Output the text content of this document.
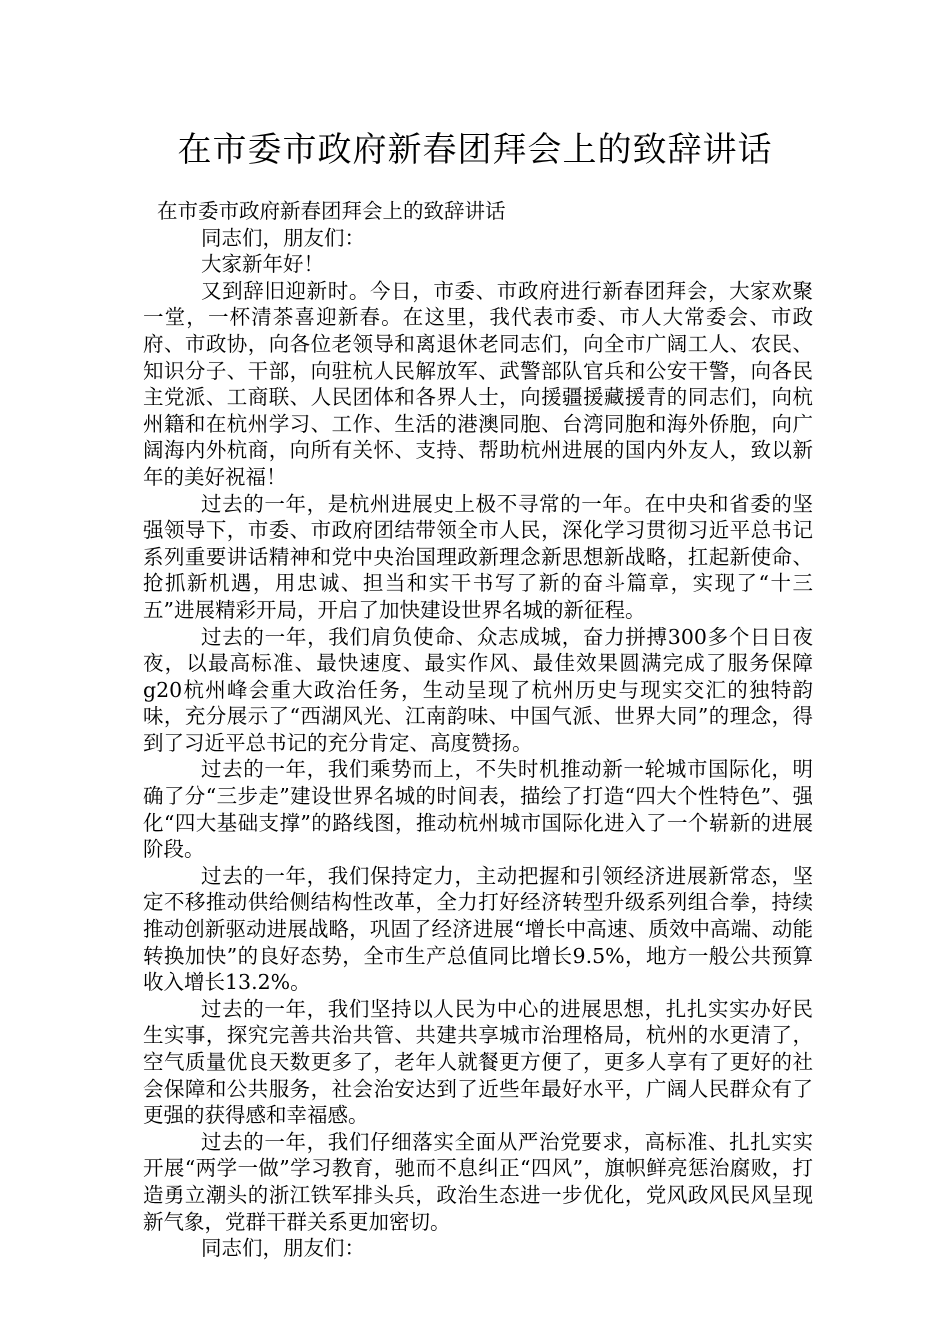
在市委市政府新春团拜会上的致辞讲话

在市委市政府新春团拜会上的致辞讲话

同志们，朋友们：

大家新年好！

又到辞旧迎新时。今日，市委、市政府进行新春团拜会，大家欢聚一堂，一杯清茶喜迎新春。在这里，我代表市委、市人大常委会、市政府、市政协，向各位老领导和离退休老同志们，向全市广阔工人、农民、知识分子、干部，向驻杭人民解放军、武警部队官兵和公安干警，向各民主党派、工商联、人民团体和各界人士，向援疆援藏援青的同志们，向杭州籍和在杭州学习、工作、生活的港澳同胞、台湾同胞和海外侨胞，向广阔海内外杭商，向所有关怀、支持、帮助杭州进展的国内外友人，致以新年的美好祝福！

过去的一年，是杭州进展史上极不寻常的一年。在中央和省委的坚强领导下，市委、市政府团结带领全市人民，深化学习贯彻习近平总书记系列重要讲话精神和党中央治国理政新理念新思想新战略，扛起新使命、抢抓新机遇，用忠诚、担当和实干书写了新的奋斗篇章，实现了“十三五”进展精彩开局，开启了加快建设世界名城的新征程。

过去的一年，我们肩负使命、众志成城，奋力拼搏300多个日日夜夜，以最高标准、最快速度、最实作风、最佳效果圆满完成了服务保障g20杭州峰会重大政治任务，生动呈现了杭州历史与现实交汇的独特韵味，充分展示了“西湖风光、江南韵味、中国气派、世界大同”的理念，得到了习近平总书记的充分肯定、高度赞扬。

过去的一年，我们乘势而上，不失时机推动新一轮城市国际化，明确了分“三步走”建设世界名城的时间表，描绘了打造“四大个性特色”、强化“四大基础支撑”的路线图，推动杭州城市国际化进入了一个崭新的进展阶段。

过去的一年，我们保持定力，主动把握和引领经济进展新常态，坚定不移推动供给侧结构性改革，全力打好经济转型升级系列组合拳，持续推动创新驱动进展战略，巩固了经济进展“增长中高速、质效中高端、动能转换加快”的良好态势，全市生产总值同比增长9.5%，地方一般公共预算收入增长13.2%。

过去的一年，我们坚持以人民为中心的进展思想，扎扎实实办好民生实事，探究完善共治共管、共建共享城市治理格局，杭州的水更清了，空气质量优良天数更多了，老年人就餐更方便了，更多人享有了更好的社会保障和公共服务，社会治安达到了近些年最好水平，广阔人民群众有了更强的获得感和幸福感。

过去的一年，我们仔细落实全面从严治党要求，高标准、扎扎实实开展“两学一做”学习教育，驰而不息纠正“四风”，旗帜鲜亮惩治腐败，打造勇立潮头的浙江铁军排头兵，政治生态进一步优化，党风政风民风呈现新气象，党群干群关系更加密切。

同志们，朋友们：
